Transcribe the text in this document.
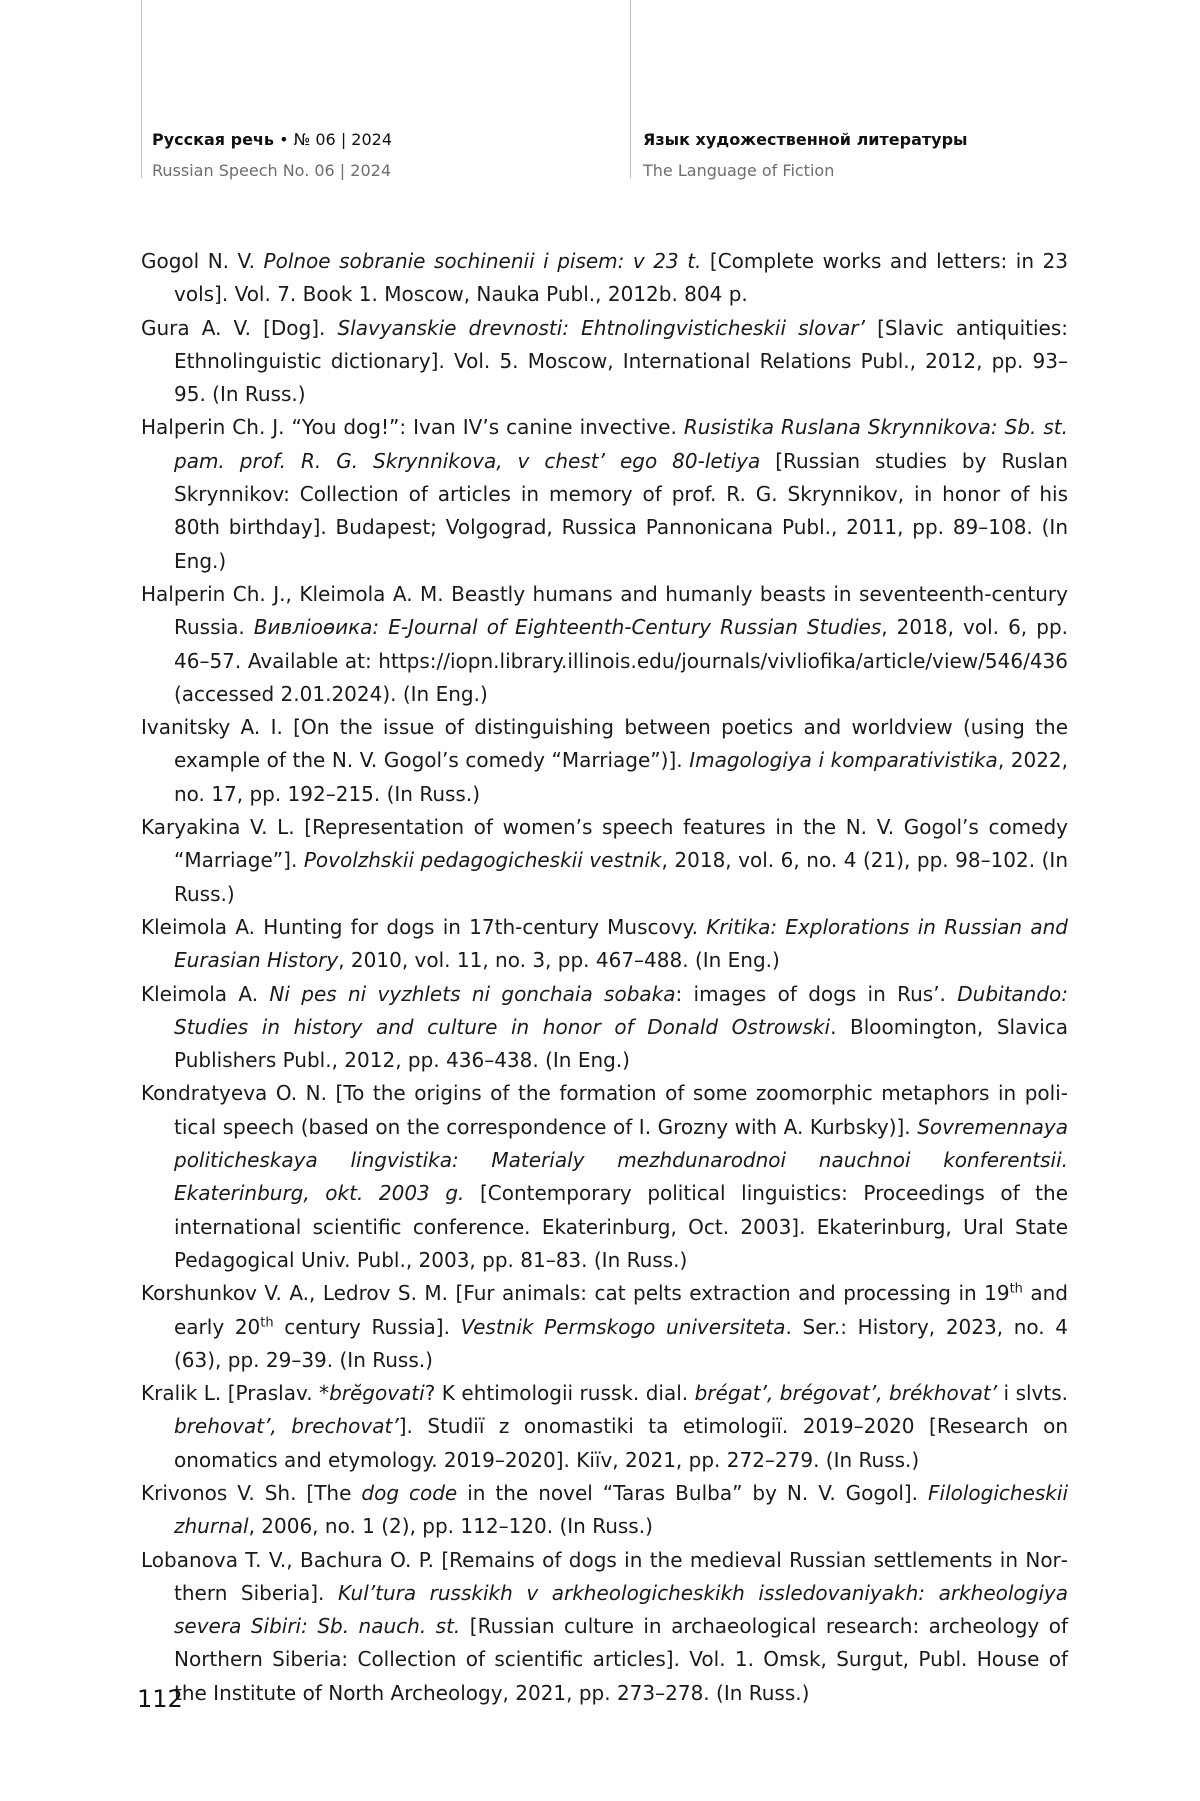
Русская речь • № 06 | 2024
Russian Speech No. 06 | 2024
Язык художественной литературы
The Language of Fiction

Gogol N. V. Polnoe sobranie sochinenii i pisem: v 23 t. [Complete works and letters: in 23 vols]. Vol. 7. Book 1. Moscow, Nauka Publ., 2012b. 804 p.

Gura A. V. [Dog]. Slavyanskie drevnosti: Ehtnolingvisticheskii slovar’ [Slavic antiquities: Ethnolinguistic dictionary]. Vol. 5. Moscow, International Relations Publ., 2012, pp. 93–95. (In Russ.)

Halperin Ch. J. “You dog!”: Ivan IV’s canine invective. Rusistika Ruslana Skrynnikova: Sb. st. pam. prof. R. G. Skrynnikova, v chest’ ego 80-letiya [Russian studies by Ruslan Skrynnikov: Collection of articles in memory of prof. R. G. Skrynnikov, in honor of his 80th birthday]. Budapest; Volgograd, Russica Pannonicana Publ., 2011, pp. 89–108. (In Eng.)

Halperin Ch. J., Kleimola A. M. Beastly humans and humanly beasts in seventeenth-century Russia. Вивлiоѳика: E-Journal of Eighteenth-Century Russian Studies, 2018, vol. 6, pp. 46–57. Available at: https://iopn.library.illinois.edu/journals/vivliofika/article/view/546/436 (accessed 2.01.2024). (In Eng.)

Ivanitsky A. I. [On the issue of distinguishing between poetics and worldview (using the example of the N. V. Gogol’s comedy “Marriage”)]. Imagologiya i komparativistika, 2022, no. 17, pp. 192–215. (In Russ.)

Karyakina V. L. [Representation of women’s speech features in the N. V. Gogol’s comedy “Marriage”]. Povolzhskii pedagogicheskii vestnik, 2018, vol. 6, no. 4 (21), pp. 98–102. (In Russ.)

Kleimola A. Hunting for dogs in 17th-century Muscovy. Kritika: Explorations in Russian and Eurasian History, 2010, vol. 11, no. 3, pp. 467–488. (In Eng.)

Kleimola A. Ni pes ni vyzhlets ni gonchaia sobaka: images of dogs in Rus’. Dubitando: Studies in history and culture in honor of Donald Ostrowski. Bloomington, Slavica Publishers Publ., 2012, pp. 436–438. (In Eng.)

Kondratyeva O. N. [To the origins of the formation of some zoomorphic metaphors in political speech (based on the correspondence of I. Grozny with A. Kurbsky)]. Sovremennaya politicheskaya lingvistika: Materialy mezhdunarodnoi nauchnoi konferentsii. Ekaterinburg, okt. 2003 g. [Contemporary political linguistics: Proceedings of the international scientific conference. Ekaterinburg, Oct. 2003]. Ekaterinburg, Ural State Pedagogical Univ. Publ., 2003, pp. 81–83. (In Russ.)

Korshunkov V. A., Ledrov S. M. [Fur animals: cat pelts extraction and processing in 19th and early 20th century Russia]. Vestnik Permskogo universiteta. Ser.: History, 2023, no. 4 (63), pp. 29–39. (In Russ.)

Kralik L. [Praslav. *brĕgovati? K ehtimologii russk. dial. brégat’, brégovat’, brékhovat’ i slvts. brehovat’, brechovat’]. Studiï z onomastiki ta etimologiï. 2019–2020 [Research on onomatics and etymology. 2019–2020]. Kiïv, 2021, pp. 272–279. (In Russ.)

Krivonos V. Sh. [The dog code in the novel “Taras Bulba” by N. V. Gogol]. Filologicheskii zhurnal, 2006, no. 1 (2), pp. 112–120. (In Russ.)

Lobanova T. V., Bachura O. P. [Remains of dogs in the medieval Russian settlements in Northern Siberia]. Kul’tura russkikh v arkheologicheskikh issledovaniyakh: arkheologiya severa Sibiri: Sb. nauch. st. [Russian culture in archaeological research: archeology of Northern Siberia: Collection of scientific articles]. Vol. 1. Omsk, Surgut, Publ. House of the Institute of North Archeology, 2021, pp. 273–278. (In Russ.)

112
